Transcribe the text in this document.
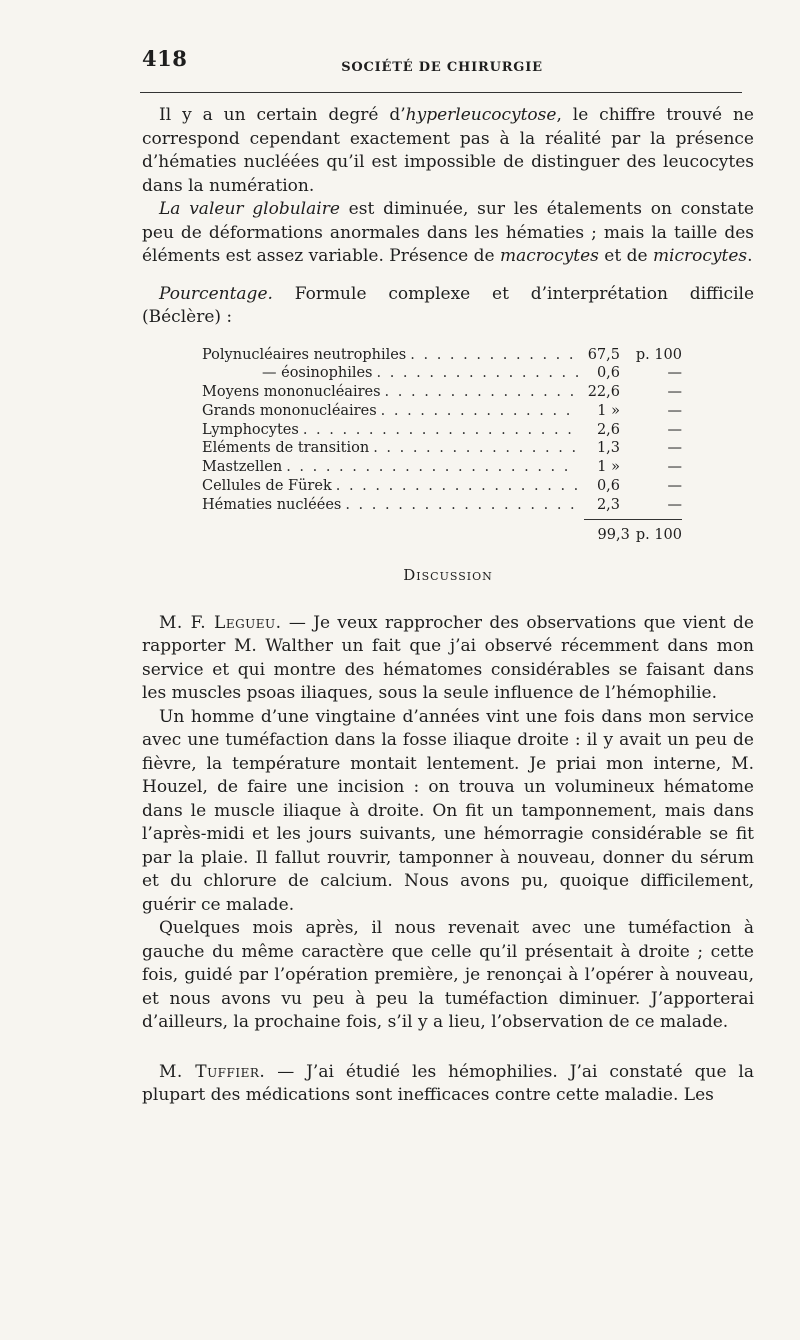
418	SOCIÉTÉ DE CHIRURGIE

Il y a un certain degré d’hyperleucocytose, le chiffre trouvé ne correspond cependant exactement pas à la réalité par la présence d’hématies nucléées qu’il est impossible de distinguer des leucocytes dans la numération.

La valeur globulaire est diminuée, sur les étalements on constate peu de déformations anormales dans les hématies ; mais la taille des éléments est assez variable. Présence de macrocytes et de microcytes.

Pourcentage. Formule complexe et d’interprétation difficile (Béclère) :

Polynucléaires neutrophiles . . .	67,5	p. 100
— éosinophiles . . .	0,6	—
Moyens mononucléaires . . .	22,6	—
Grands mononucléaires . . .	1 »	—
Lymphocytes . . .	2,6	—
Eléments de transition . . .	1,3	—
Mastzellen . . .	1 »	—
Cellules de Fürek . . .	0,6	—
Hématies nucléées . . .	2,3	—
99,3 p. 100
Discussion

M. F. Legueu. — Je veux rapprocher des observations que vient de rapporter M. Walther un fait que j’ai observé récemment dans mon service et qui montre des hématomes considérables se faisant dans les muscles psoas iliaques, sous la seule influence de l’hémophilie.

Un homme d’une vingtaine d’années vint une fois dans mon service avec une tuméfaction dans la fosse iliaque droite : il y avait un peu de fièvre, la température montait lentement. Je priai mon interne, M. Houzel, de faire une incision : on trouva un volumineux hématome dans le muscle iliaque à droite. On fit un tamponnement, mais dans l’après-midi et les jours suivants, une hémorragie considérable se fit par la plaie. Il fallut rouvrir, tamponner à nouveau, donner du sérum et du chlorure de calcium. Nous avons pu, quoique difficilement, guérir ce malade.

Quelques mois après, il nous revenait avec une tuméfaction à gauche du même caractère que celle qu’il présentait à droite ; cette fois, guidé par l’opération première, je renonçai à l’opérer à nouveau, et nous avons vu peu à peu la tuméfaction diminuer. J’apporterai d’ailleurs, la prochaine fois, s’il y a lieu, l’observation de ce malade.

M. Tuffier. — J’ai étudié les hémophilies. J’ai constaté que la plupart des médications sont inefficaces contre cette maladie. Les
